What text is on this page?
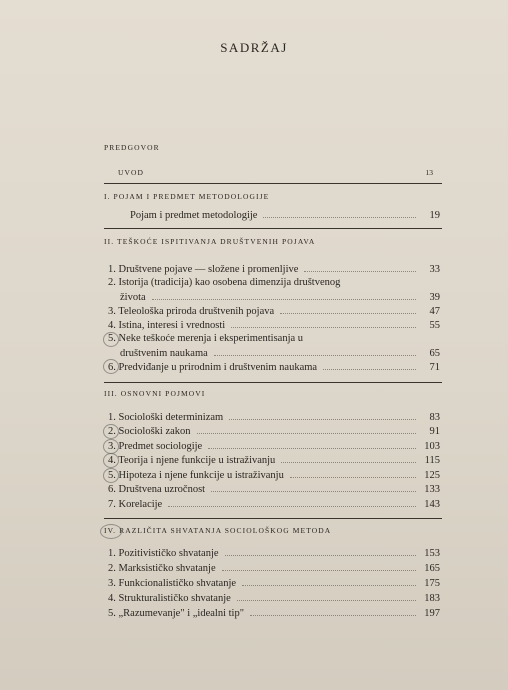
SADRŽAJ
PREDGOVOR
UVOD	13
I. POJAM I PREDMET METODOLOGIJE
Pojam i predmet metodologije	19
II. TEŠKOĆE ISPITIVANJA DRUŠTVENIH POJAVA
1. Društvene pojave — složene i promenljive	33
2. Istorija (tradicija) kao osobena dimenzija društvenog
života	39
3. Teleološka priroda društvenih pojava	47
4. Istina, interesi i vrednosti	55
5. Neke teškoće merenja i eksperimentisanja u
društvenim naukama	65
6. Predviđanje u prirodnim i društvenim naukama	71
III. OSNOVNI POJMOVI
1. Sociološki determinizam	83
2. Sociološki zakon	91
3. Predmet sociologije	103
4. Teorija i njene funkcije u istraživanju	115
5. Hipoteza i njene funkcije u istraživanju	125
6. Društvena uzročnost	133
7. Korelacije	143
IV. RAZLIČITA SHVATANJA SOCIOLOŠKOG METODA
1. Pozitivističko shvatanje	153
2. Marksističko shvatanje	165
3. Funkcionalističko shvatanje	175
4. Strukturalističko shvatanje	183
5. „Razumevanje" i „idealni tip"	197
